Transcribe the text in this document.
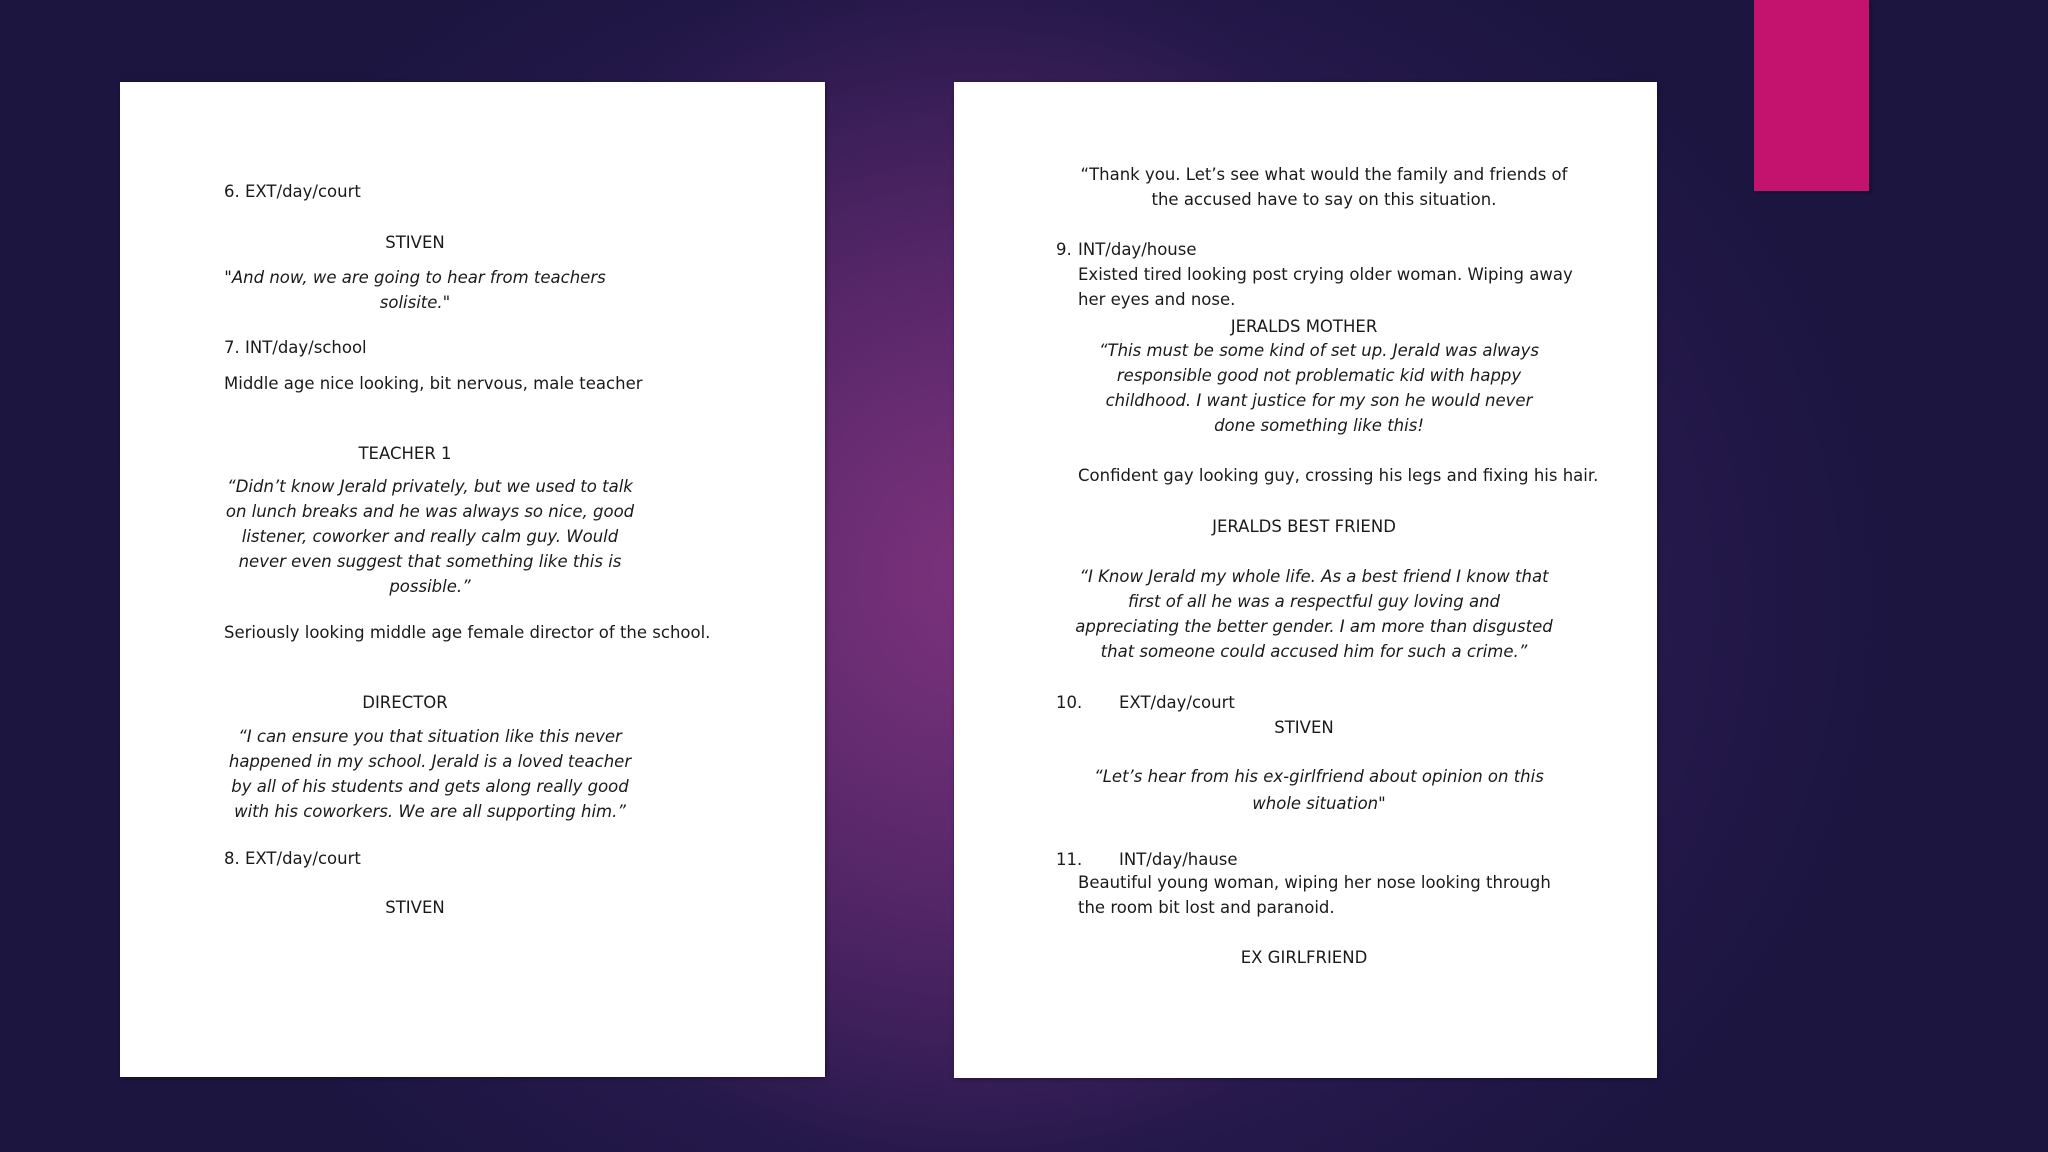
6. EXT/day/court
STIVEN
"And now, we are going to hear from teachers solisite."
7. INT/day/school
Middle age nice looking, bit nervous, male teacher
TEACHER 1
“Didn’t know Jerald privately, but we used to talk on lunch breaks and he was always so nice, good listener, coworker and really calm guy. Would never even suggest that something like this is possible.”
Seriously looking middle age female director of the school.
DIRECTOR
“I can ensure you that situation like this never happened in my school. Jerald is a loved teacher by all of his students and gets along really good with his coworkers. We are all supporting him.”
8. EXT/day/court
STIVEN
“Thank you. Let’s see what would the family and friends of the accused have to say on this situation.
9. INT/day/house
Existed tired looking post crying older woman. Wiping away her eyes and nose.
JERALDS MOTHER
“This must be some kind of set up. Jerald was always responsible good not problematic kid with happy childhood. I want justice for my son he would never done something like this!
Confident gay looking guy, crossing his legs and fixing his hair.
JERALDS BEST FRIEND
“I Know Jerald my whole life. As a best friend I know that first of all he was a respectful guy loving and appreciating the better gender. I am more than disgusted that someone could accused him for such a crime.”
10. EXT/day/court
STIVEN
“Let’s hear from his ex-girlfriend about opinion on this whole situation"
11. INT/day/hause
Beautiful young woman, wiping her nose looking through the room bit lost and paranoid.
EX GIRLFRIEND
